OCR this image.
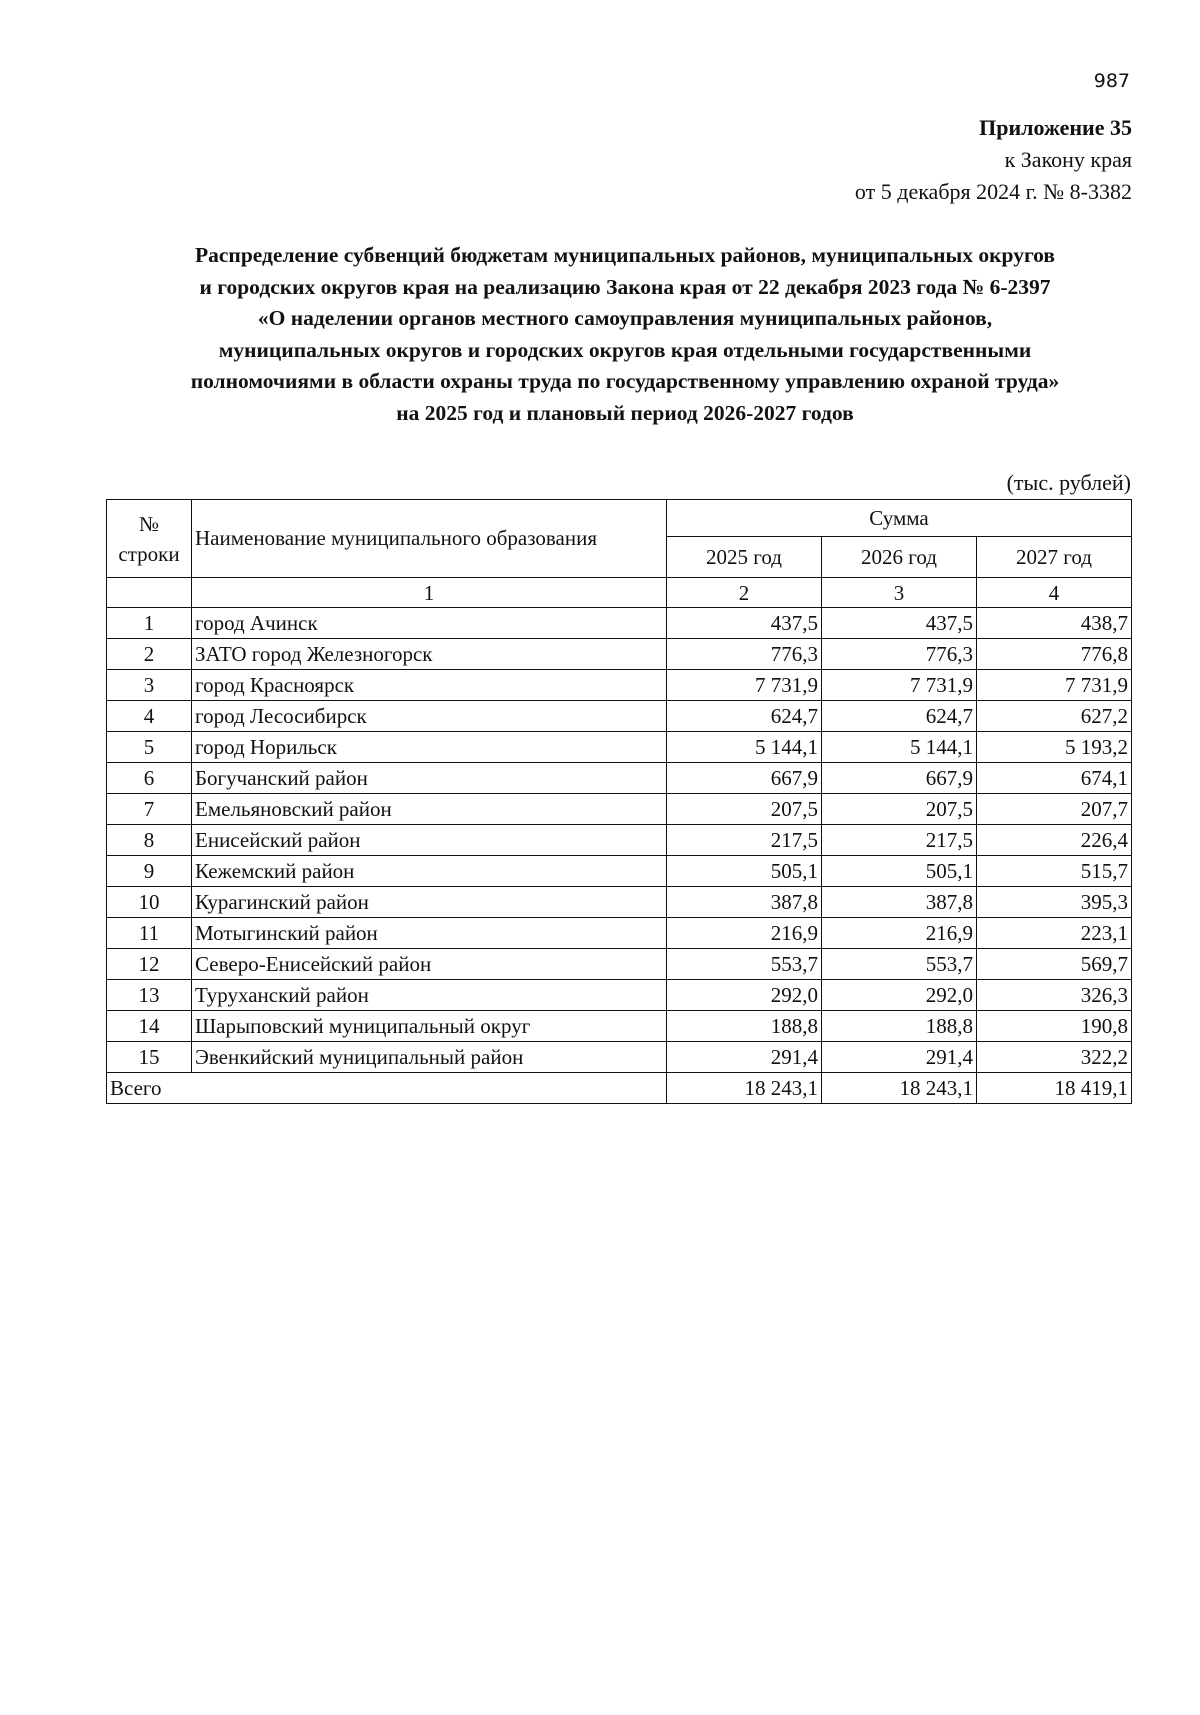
987
Приложение 35
к Закону края
от 5 декабря 2024 г. № 8-3382
Распределение субвенций бюджетам муниципальных районов, муниципальных округов
и городских округов края на реализацию Закона края от 22 декабря 2023 года № 6-2397
«О наделении органов местного самоуправления муниципальных районов,
муниципальных округов и городских округов края отдельными государственными
полномочиями в области охраны труда по государственному управлению охраной труда»
на 2025 год и плановый период 2026-2027 годов
(тыс. рублей)
№ строки	Наименование муниципального образования	Сумма		
		2025 год	2026 год	2027 год
	1	2	3	4
1	город Ачинск	437,5	437,5	438,7
2	ЗАТО город Железногорск	776,3	776,3	776,8
3	город Красноярск	7 731,9	7 731,9	7 731,9
4	город Лесосибирск	624,7	624,7	627,2
5	город Норильск	5 144,1	5 144,1	5 193,2
6	Богучанский район	667,9	667,9	674,1
7	Емельяновский район	207,5	207,5	207,7
8	Енисейский район	217,5	217,5	226,4
9	Кежемский район	505,1	505,1	515,7
10	Курагинский район	387,8	387,8	395,3
11	Мотыгинский район	216,9	216,9	223,1
12	Северо-Енисейский район	553,7	553,7	569,7
13	Туруханский район	292,0	292,0	326,3
14	Шарыповский муниципальный округ	188,8	188,8	190,8
15	Эвенкийский муниципальный район	291,4	291,4	322,2
Всего		18 243,1	18 243,1	18 419,1
